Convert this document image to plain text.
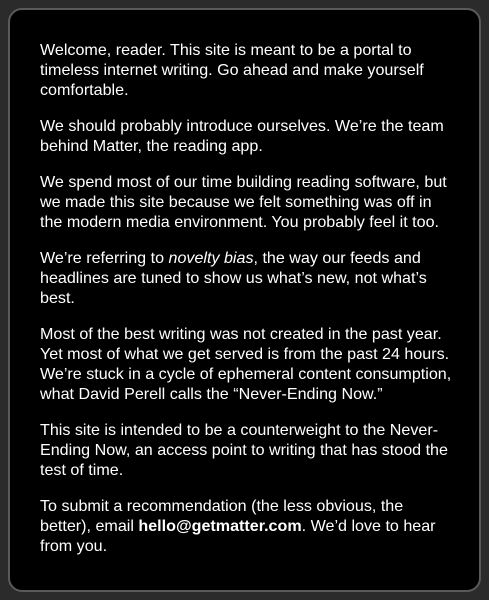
Welcome, reader. This site is meant to be a portal to timeless internet writing. Go ahead and make yourself comfortable.

We should probably introduce ourselves. We’re the team behind Matter, the reading app.

We spend most of our time building reading software, but we made this site because we felt something was off in the modern media environment. You probably feel it too.

We’re referring to novelty bias, the way our feeds and headlines are tuned to show us what’s new, not what’s best.

Most of the best writing was not created in the past year. Yet most of what we get served is from the past 24 hours. We’re stuck in a cycle of ephemeral content consumption, what David Perell calls the “Never-Ending Now.”

This site is intended to be a counterweight to the Never-Ending Now, an access point to writing that has stood the test of time.

To submit a recommendation (the less obvious, the better), email hello@getmatter.com. We’d love to hear from you.
